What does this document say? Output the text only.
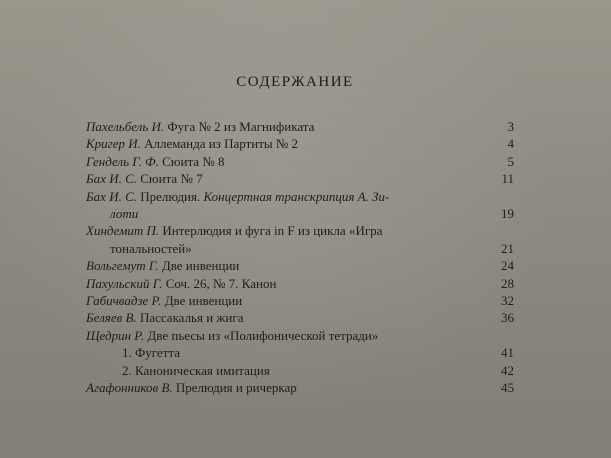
СОДЕРЖАНИЕ
Пахельбель И. Фуга № 2 из Магнификата	3
Кригер И. Аллеманда из Партиты № 2	4
Гендель Г. Ф. Сюита № 8	5
Бах И. С. Сюита № 7	11
Бах И. С. Прелюдия. Концертная транскрипция А. Зи-
лоти	19
Хиндемит П. Интерлюдия и фуга in F из цикла «Игра
тональностей»	21
Вольгемут Г. Две инвенции	24
Пахульский Г. Соч. 26, № 7. Канон	28
Габичвадзе Р. Две инвенции	32
Беляев В. Пассакалья и жига	36
Щедрин Р. Две пьесы из «Полифонической тетради»
1. Фугетта	41
2. Каноническая имитация	42
Агафонников В. Прелюдия и ричеркар	45
